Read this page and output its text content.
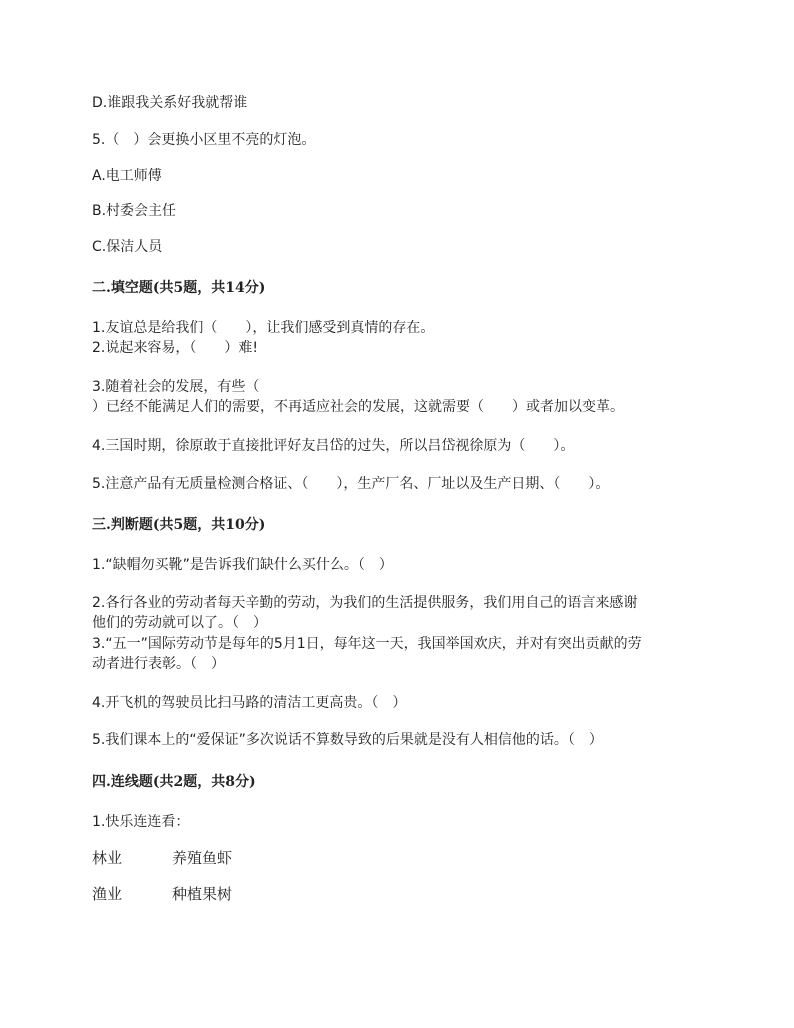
D.谁跟我关系好我就帮谁
5.（　）会更换小区里不亮的灯泡。
A.电工师傅
B.村委会主任
C.保洁人员
二.填空题(共5题，共14分)
1.友谊总是给我们（　　），让我们感受到真情的存在。
2.说起来容易，（　　）难!
3.随着社会的发展，有些（
）已经不能满足人们的需要，不再适应社会的发展，这就需要（　　）或者加以变革。
4.三国时期，徐原敢于直接批评好友吕岱的过失，所以吕岱视徐原为（　　）。
5.注意产品有无质量检测合格证、（　　），生产厂名、厂址以及生产日期、（　　）。
三.判断题(共5题，共10分)
1.“缺帽勿买靴”是告诉我们缺什么买什么。（　）
2.各行各业的劳动者每天辛勤的劳动，为我们的生活提供服务，我们用自己的语言来感谢
他们的劳动就可以了。（　）
3.“五一”国际劳动节是每年的5月1日，每年这一天，我国举国欢庆，并对有突出贡献的劳
动者进行表彰。（　）
4.开飞机的驾驶员比扫马路的清洁工更高贵。（　）
5.我们课本上的“爱保证”多次说话不算数导致的后果就是没有人相信他的话。（　）
四.连线题(共2题，共8分)
1.快乐连连看：
林业	养殖鱼虾
渔业	种植果树
